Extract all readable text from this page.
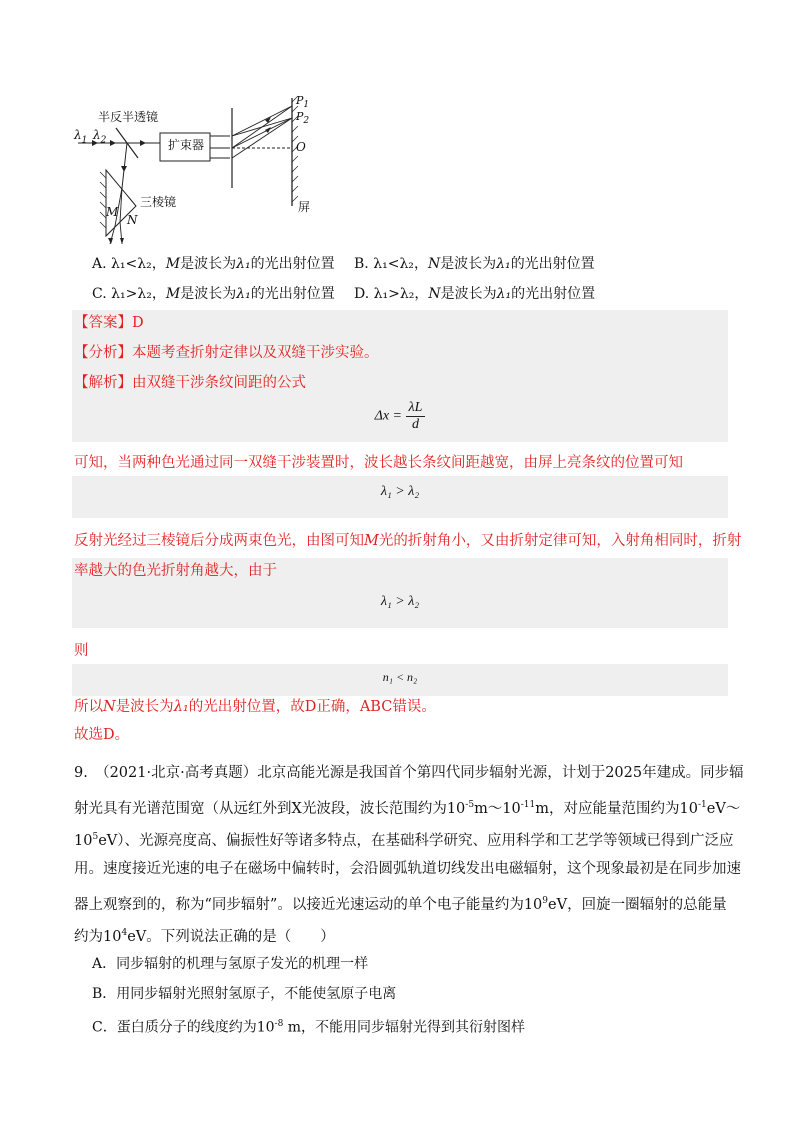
半反半透镜
$\lambda_1$ $\lambda_2$	扩束器
三棱镜
M
N
$P_1$
$P_2$
O
屏
A. λ₁<λ₂，M是波长为λ₁的光出射位置 B. λ₁<λ₂，N是波长为λ₁的光出射位置
C. λ₁>λ₂，M是波长为λ₁的光出射位置 D. λ₁>λ₂，N是波长为λ₁的光出射位置
【答案】D
【分析】本题考查折射定律以及双缝干涉实验。
【解析】由双缝干涉条纹间距的公式
$\Delta x = \frac{\lambda L}{d}$
可知，当两种色光通过同一双缝干涉装置时，波长越长条纹间距越宽，由屏上亮条纹的位置可知
λ₁ > λ₂
反射光经过三棱镜后分成两束色光，由图可知M光的折射角小，又由折射定律可知，入射角相同时，折射
率越大的色光折射角越大，由于
λ₁ > λ₂
则
n₁ < n₂
所以N是波长为λ₁的光出射位置，故D正确，ABC错误。
故选D。
9.　（2021·北京·高考真题）北京高能光源是我国首个第四代同步辐射光源，计划于2025年建成。同步辐
射光具有光谱范围宽（从远红外到X光波段，波长范围约为$10^{-5}m\sim 10^{-11}m$，对应能量范围约为$10^{-1}eV\sim$
$10^5eV$）、光源亮度高、偏振性好等诸多特点，在基础科学研究、应用科学和工艺学等领域已得到广泛应
用。速度接近光速的电子在磁场中偏转时，会沿圆弧轨道切线发出电磁辐射，这个现象最初是在同步加速
器上观察到的，称为“同步辐射”。以接近光速运动的单个电子能量约为$10^9eV$，回旋一圈辐射的总能量
约为$10^4eV$。下列说法正确的是（　　）
A．同步辐射的机理与氢原子发光的机理一样
B．用同步辐射光照射氢原子，不能使氢原子电离
C．蛋白质分子的线度约为$10^{-8}$ m，不能用同步辐射光得到其衍射图样
